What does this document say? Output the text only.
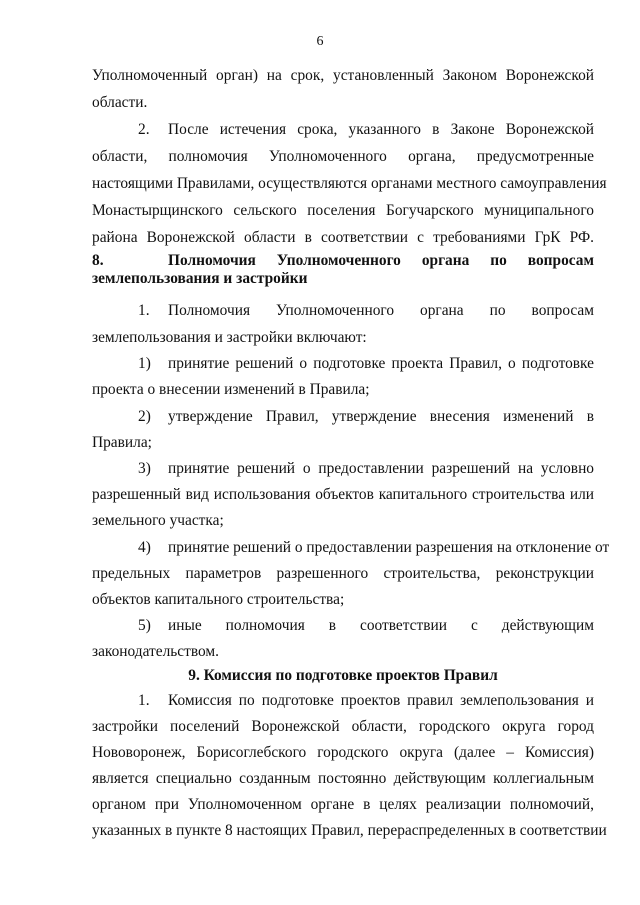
6
Уполномоченный орган) на срок, установленный Законом Воронежской
области.
2. После истечения срока, указанного в Законе Воронежской
области, полномочия Уполномоченного органа, предусмотренные
настоящими Правилами, осуществляются органами местного самоуправления
Монастырщинского сельского поселения Богучарского муниципального
района Воронежской области в соответствии с требованиями ГрК РФ.
8.	Полномочия Уполномоченного органа по вопросам
землепользования и застройки
1. Полномочия Уполномоченного органа по вопросам
землепользования и застройки включают:
1) принятие решений о подготовке проекта Правил, о подготовке
проекта о внесении изменений в Правила;
2) утверждение Правил, утверждение внесения изменений в
Правила;
3) принятие решений о предоставлении разрешений на условно
разрешенный вид использования объектов капитального строительства или
земельного участка;
4) принятие решений о предоставлении разрешения на отклонение от
предельных параметров разрешенного строительства, реконструкции
объектов капитального строительства;
5) иные полномочия в соответствии с действующим
законодательством.
9. Комиссия по подготовке проектов Правил
1. Комиссия по подготовке проектов правил землепользования и
застройки поселений Воронежской области, городского округа город
Нововоронеж, Борисоглебского городского округа (далее – Комиссия)
является специально созданным постоянно действующим коллегиальным
органом при Уполномоченном органе в целях реализации полномочий,
указанных в пункте 8 настоящих Правил, перераспределенных в соответствии
